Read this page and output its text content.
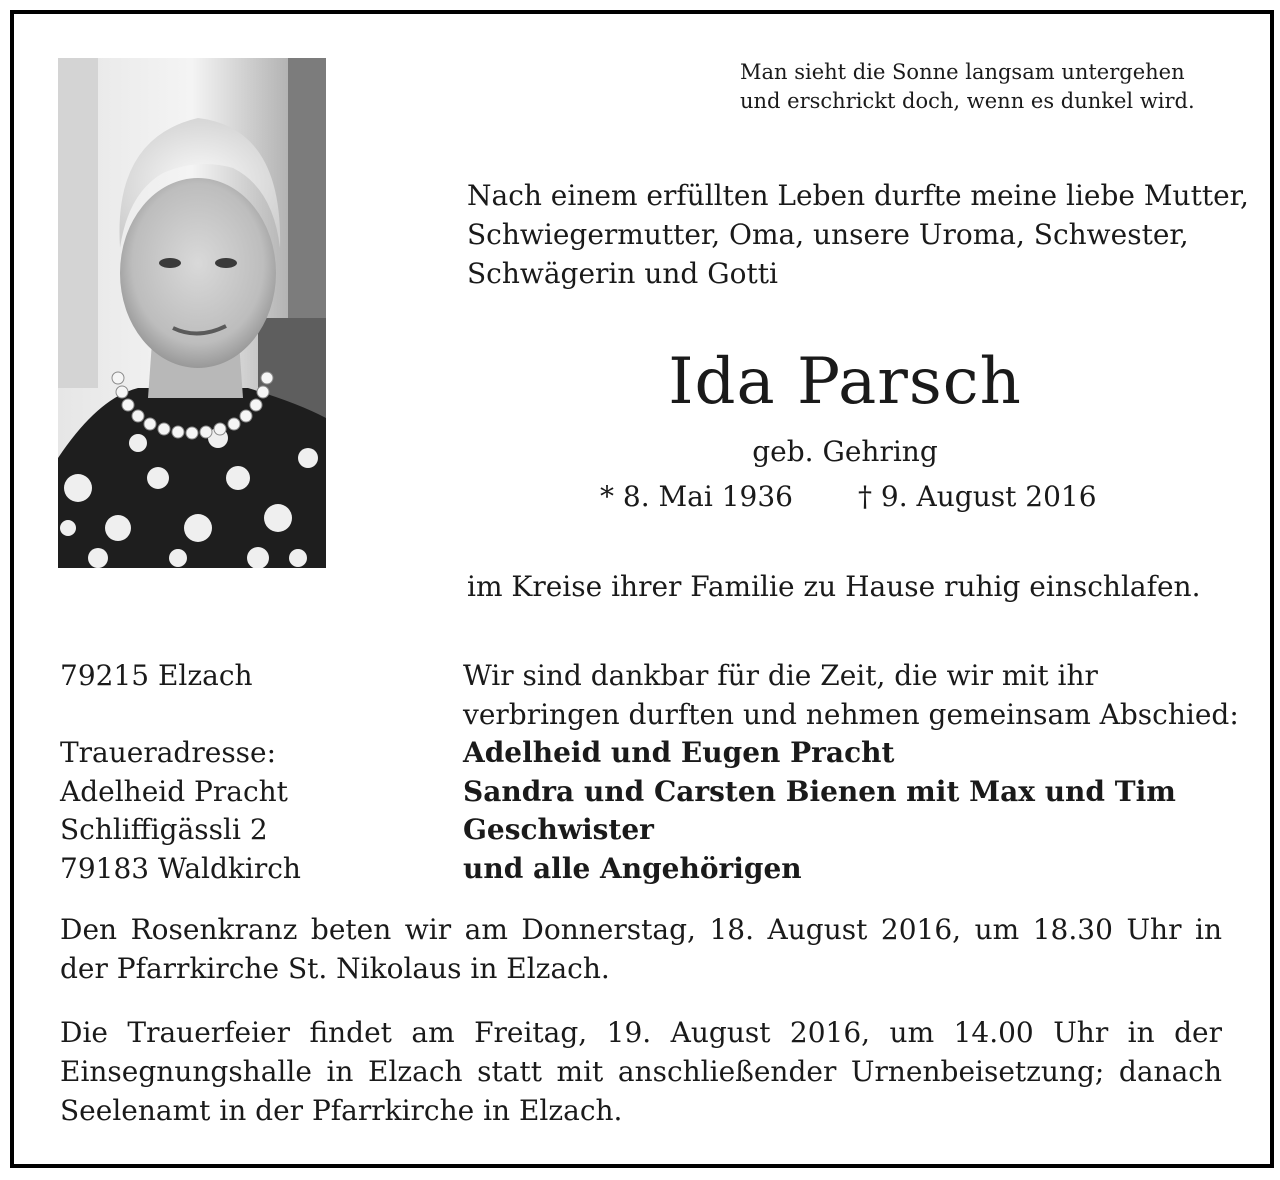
Man sieht die Sonne langsam untergehen
und erschrickt doch, wenn es dunkel wird.
Nach einem erfüllten Leben durfte meine liebe Mutter,
Schwiegermutter, Oma, unsere Uroma, Schwester,
Schwägerin und Gotti
Ida Parsch
geb. Gehring
* 8. Mai 1936 † 9. August 2016
im Kreise ihrer Familie zu Hause ruhig einschlafen.
79215 Elzach
Traueradresse:
Adelheid Pracht
Schliffigässli 2
79183 Waldkirch
Wir sind dankbar für die Zeit, die wir mit ihr
verbringen durften und nehmen gemeinsam Abschied:
Adelheid und Eugen Pracht
Sandra und Carsten Bienen mit Max und Tim
Geschwister
und alle Angehörigen
Den Rosenkranz beten wir am Donnerstag, 18. August 2016, um 18.30 Uhr in der Pfarrkirche St. Nikolaus in Elzach.
Die Trauerfeier findet am Freitag, 19. August 2016, um 14.00 Uhr in der Einsegnungshalle in Elzach statt mit anschließender Urnenbeisetzung; danach Seelenamt in der Pfarrkirche in Elzach.
